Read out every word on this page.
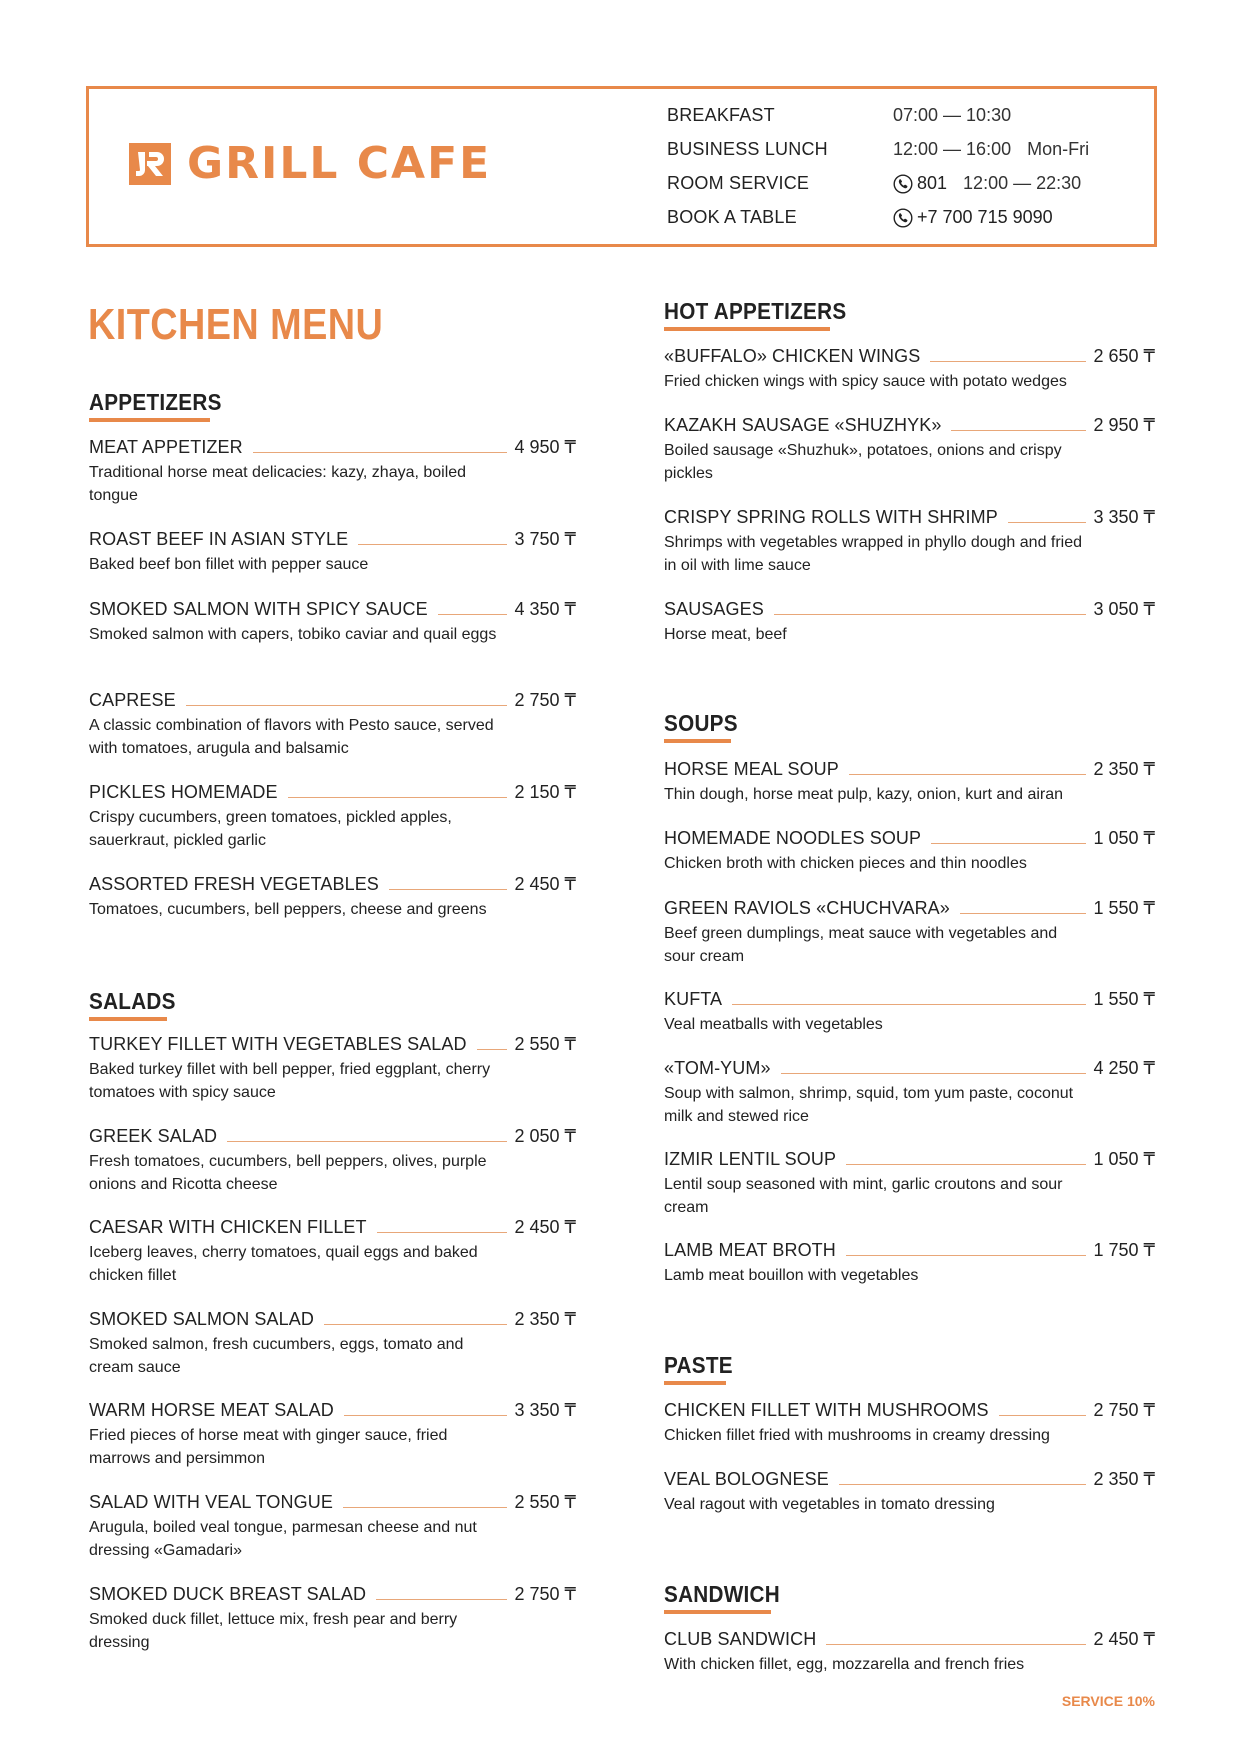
GRILL CAFE
BREAKFAST	07:00 — 10:30
BUSINESS LUNCH	12:00 — 16:00 Mon-Fri
ROOM SERVICE	801 12:00 — 22:30
BOOK A TABLE	+7 700 715 9090
KITCHEN MENU
APPETIZERS
MEAT APPETIZER	4 950 ₸
Traditional horse meat delicacies: kazy, zhaya, boiled tongue
ROAST BEEF IN ASIAN STYLE	3 750 ₸
Baked beef bon fillet with pepper sauce
SMOKED SALMON WITH SPICY SAUCE	4 350 ₸
Smoked salmon with capers, tobiko caviar and quail eggs
CAPRESE	2 750 ₸
A classic combination of flavors with Pesto sauce, served with tomatoes, arugula and balsamic
PICKLES HOMEMADE	2 150 ₸
Crispy cucumbers, green tomatoes, pickled apples, sauerkraut, pickled garlic
ASSORTED FRESH VEGETABLES	2 450 ₸
Tomatoes, cucumbers, bell peppers, cheese and greens
SALADS
TURKEY FILLET WITH VEGETABLES SALAD	2 550 ₸
Baked turkey fillet with bell pepper, fried eggplant, cherry tomatoes with spicy sauce
GREEK SALAD	2 050 ₸
Fresh tomatoes, cucumbers, bell peppers, olives, purple onions and Ricotta cheese
CAESAR WITH CHICKEN FILLET	2 450 ₸
Iceberg leaves, cherry tomatoes, quail eggs and baked chicken fillet
SMOKED SALMON SALAD	2 350 ₸
Smoked salmon, fresh cucumbers, eggs, tomato and cream sauce
WARM HORSE MEAT SALAD	3 350 ₸
Fried pieces of horse meat with ginger sauce, fried marrows and persimmon
SALAD WITH VEAL TONGUE	2 550 ₸
Arugula, boiled veal tongue, parmesan cheese and nut dressing «Gamadari»
SMOKED DUCK BREAST SALAD	2 750 ₸
Smoked duck fillet, lettuce mix, fresh pear and berry dressing
HOT APPETIZERS
«BUFFALO» CHICKEN WINGS	2 650 ₸
Fried chicken wings with spicy sauce with potato wedges
KAZAKH SAUSAGE «SHUZHYK»	2 950 ₸
Boiled sausage «Shuzhuk», potatoes, onions and crispy pickles
CRISPY SPRING ROLLS WITH SHRIMP	3 350 ₸
Shrimps with vegetables wrapped in phyllo dough and fried in oil with lime sauce
SAUSAGES	3 050 ₸
Horse meat, beef
SOUPS
HORSE MEAL SOUP	2 350 ₸
Thin dough, horse meat pulp, kazy, onion, kurt and airan
HOMEMADE NOODLES SOUP	1 050 ₸
Chicken broth with chicken pieces and thin noodles
GREEN RAVIOLS «CHUCHVARA»	1 550 ₸
Beef green dumplings, meat sauce with vegetables and sour cream
KUFTA	1 550 ₸
Veal meatballs with vegetables
«TOM-YUM»	4 250 ₸
Soup with salmon, shrimp, squid, tom yum paste, coconut milk and stewed rice
IZMIR LENTIL SOUP	1 050 ₸
Lentil soup seasoned with mint, garlic croutons and sour cream
LAMB MEAT BROTH	1 750 ₸
Lamb meat bouillon with vegetables
PASTE
CHICKEN FILLET WITH MUSHROOMS	2 750 ₸
Chicken fillet fried with mushrooms in creamy dressing
VEAL BOLOGNESE	2 350 ₸
Veal ragout with vegetables in tomato dressing
SANDWICH
CLUB SANDWICH	2 450 ₸
With chicken fillet, egg, mozzarella and french fries
SERVICE 10%
